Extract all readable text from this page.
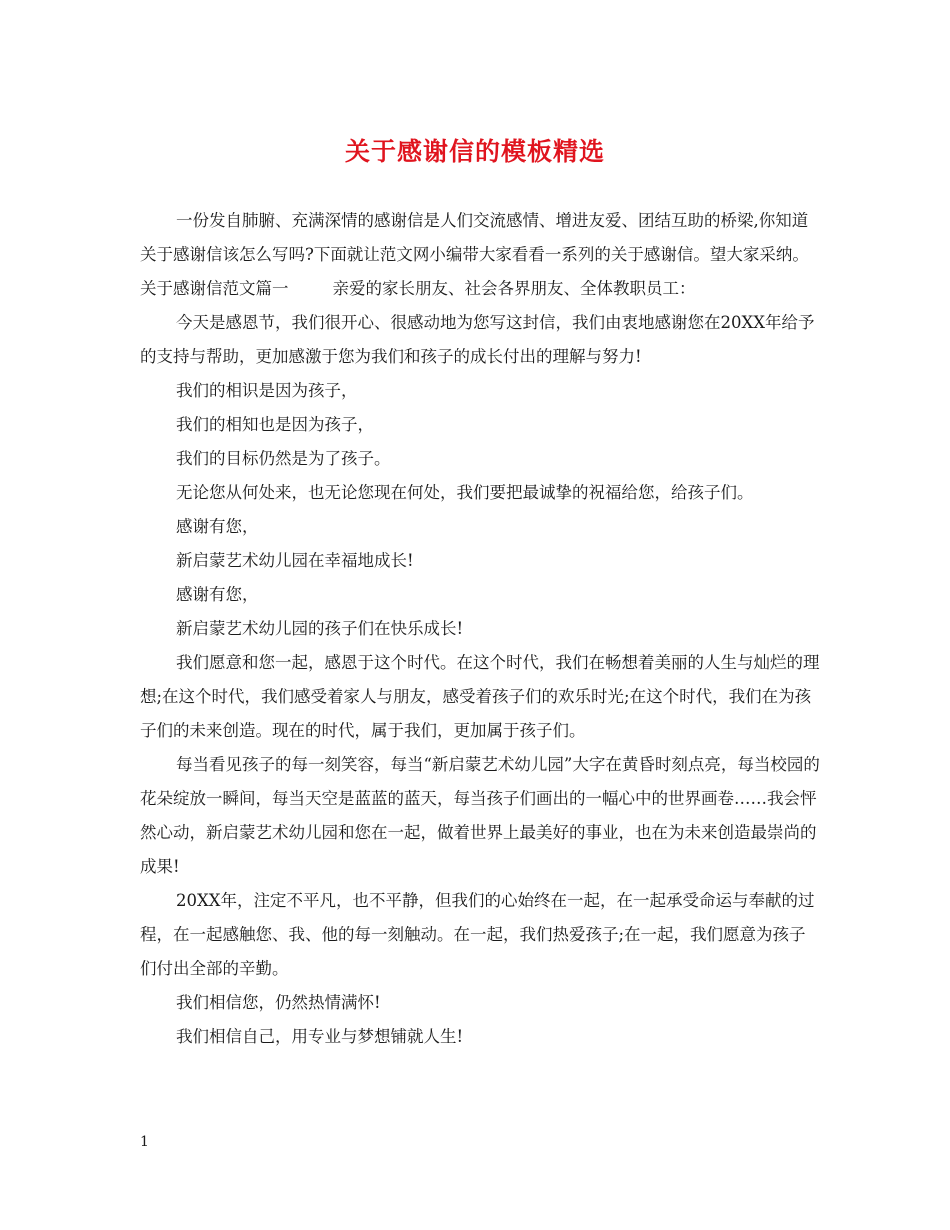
关于感谢信的模板精选

一份发自肺腑、充满深情的感谢信是人们交流感情、增进友爱、团结互助的桥梁,你知道关于感谢信该怎么写吗?下面就让范文网小编带大家看看一系列的关于感谢信。望大家采纳。

关于感谢信范文篇一	亲爱的家长朋友、社会各界朋友、全体教职员工：

今天是感恩节，我们很开心、很感动地为您写这封信，我们由衷地感谢您在20XX年给予的支持与帮助，更加感激于您为我们和孩子的成长付出的理解与努力!

我们的相识是因为孩子，

我们的相知也是因为孩子，

我们的目标仍然是为了孩子。

无论您从何处来，也无论您现在何处，我们要把最诚挚的祝福给您，给孩子们。

感谢有您，

新启蒙艺术幼儿园在幸福地成长!

感谢有您，

新启蒙艺术幼儿园的孩子们在快乐成长!

我们愿意和您一起，感恩于这个时代。在这个时代，我们在畅想着美丽的人生与灿烂的理想;在这个时代，我们感受着家人与朋友，感受着孩子们的欢乐时光;在这个时代，我们在为孩子们的未来创造。现在的时代，属于我们，更加属于孩子们。

每当看见孩子的每一刻笑容，每当“新启蒙艺术幼儿园”大字在黄昏时刻点亮，每当校园的花朵绽放一瞬间，每当天空是蓝蓝的蓝天，每当孩子们画出的一幅心中的世界画卷……我会怦然心动，新启蒙艺术幼儿园和您在一起，做着世界上最美好的事业，也在为未来创造最崇尚的成果!

20XX年，注定不平凡，也不平静，但我们的心始终在一起，在一起承受命运与奉献的过程，在一起感触您、我、他的每一刻触动。在一起，我们热爱孩子;在一起，我们愿意为孩子们付出全部的辛勤。

我们相信您，仍然热情满怀!

我们相信自己，用专业与梦想铺就人生!

1
